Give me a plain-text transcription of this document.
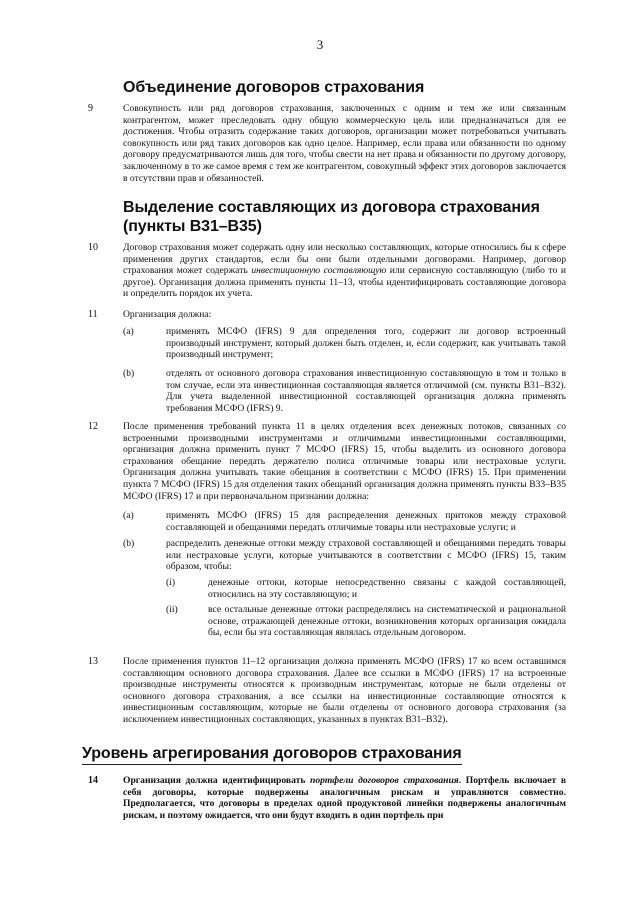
3
Объединение договоров страхования
9	Совокупность или ряд договоров страхования, заключенных с одним и тем же или связанным контрагентом, может преследовать одну общую коммерческую цель или предназначаться для ее достижения. Чтобы отразить содержание таких договоров, организации может потребоваться учитывать совокупность или ряд таких договоров как одно целое. Например, если права или обязанности по одному договору предусматриваются лишь для того, чтобы свести на нет права и обязанности по другому договору, заключенному в то же самое время с тем же контрагентом, совокупный эффект этих договоров заключается в отсутствии прав и обязанностей.
Выделение составляющих из договора страхования
(пункты В31–В35)
10	Договор страхования может содержать одну или несколько составляющих, которые относились бы к сфере применения других стандартов, если бы они были отдельными договорами. Например, договор страхования может содержать инвестиционную составляющую или сервисную составляющую (либо то и другое). Организация должна применять пункты 11–13, чтобы идентифицировать составляющие договора и определить порядок их учета.
11	Организация должна:
(a)	применять МСФО (IFRS) 9 для определения того, содержит ли договор встроенный производный инструмент, который должен быть отделен, и, если содержит, как учитывать такой производный инструмент;
(b)	отделять от основного договора страхования инвестиционную составляющую в том и только в том случае, если эта инвестиционная составляющая является отличимой (см. пункты В31–В32). Для учета выделенной инвестиционной составляющей организация должна применять требования МСФО (IFRS) 9.
12	После применения требований пункта 11 в целях отделения всех денежных потоков, связанных со встроенными производными инструментами и отличимыми инвестиционными составляющими, организация должна применить пункт 7 МСФО (IFRS) 15, чтобы выделить из основного договора страхования обещание передать держателю полиса отличимые товары или нестраховые услуги. Организация должна учитывать такие обещания в соответствии с МСФО (IFRS) 15. При применении пункта 7 МСФО (IFRS) 15 для отделения таких обещаний организация должна применять пункты В33–В35 МСФО (IFRS) 17 и при первоначальном признании должна:
(a)	применять МСФО (IFRS) 15 для распределения денежных притоков между страховой составляющей и обещаниями передать отличимые товары или нестраховые услуги; и
(b)	распределить денежные оттоки между страховой составляющей и обещаниями передать товары или нестраховые услуги, которые учитываются в соответствии с МСФО (IFRS) 15, таким образом, чтобы:
(i)	денежные оттоки, которые непосредственно связаны с каждой составляющей, относились на эту составляющую; и
(ii)	все остальные денежные оттоки распределялись на систематической и рациональной основе, отражающей денежные оттоки, возникновения которых организация ожидала бы, если бы эта составляющая являлась отдельным договором.
13	После применения пунктов 11–12 организация должна применять МСФО (IFRS) 17 ко всем оставшимся составляющим основного договора страхования. Далее все ссылки в МСФО (IFRS) 17 на встроенные производные инструменты относятся к производным инструментам, которые не были отделены от основного договора страхования, а все ссылки на инвестиционные составляющие относятся к инвестиционным составляющим, которые не были отделены от основного договора страхования (за исключением инвестиционных составляющих, указанных в пунктах В31–В32).
Уровень агрегирования договоров страхования
14	Организация должна идентифицировать портфели договоров страхования. Портфель включает в себя договоры, которые подвержены аналогичным рискам и управляются совместно. Предполагается, что договоры в пределах одной продуктовой линейки подвержены аналогичным рискам, и поэтому ожидается, что они будут входить в один портфель при
